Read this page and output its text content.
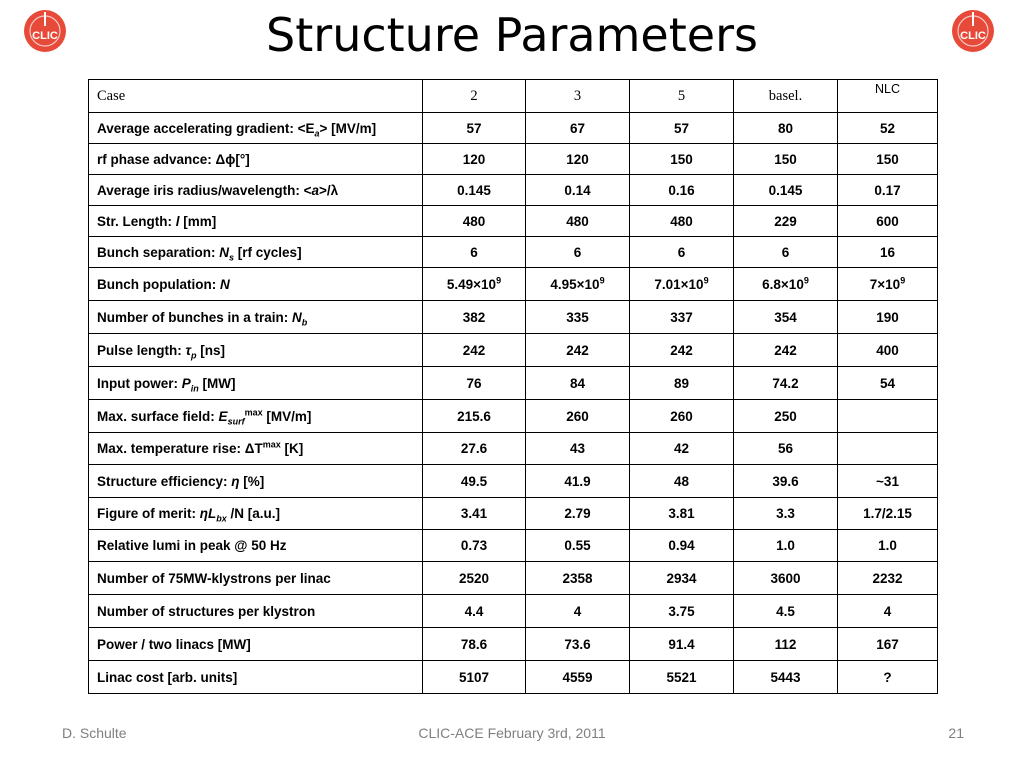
CLIC	CLIC
Structure Parameters
Case	2	3	5	basel.	NLC
Average accelerating gradient: $<E_a> [MV/m]$	57	67	57	80	52
rf phase advance: Δϕ[°]	120	120	150	150	150
Average iris radius/wavelength: <a>/λ	0.145	0.14	0.16	0.145	0.17
Str. Length: l [mm]	480	480	480	229	600
Bunch separation: $N_s$ [rf cycles]	6	6	6	6	16
Bunch population: N	$5.49\times 10^9$	$4.95\times 10^9$	$7.01\times 10^9$	$6.8\times 10^9$	$7\times 10^9$
Number of bunches in a train: $N_b$	382	335	337	354	190
Pulse length: $\tau_p$ [ns]	242	242	242	242	400
Input power: $P_{in}$ [MW]	76	84	89	74.2	54
Max. surface field: $E_{surf}^{max}$ [MV/m]	215.6	260	260	250	
Max. temperature rise: $\Delta T^{max}$ [K]	27.6	43	42	56	
Structure efficiency: η [%]	49.5	41.9	48	39.6	~31
Figure of merit: $\eta L_{bx}$ /N [a.u.]	3.41	2.79	3.81	3.3	1.7/2.15
Relative lumi in peak @ 50 Hz	0.73	0.55	0.94	1.0	1.0
Number of 75MW-klystrons per linac	2520	2358	2934	3600	2232
Number of structures per klystron	4.4	4	3.75	4.5	4
Power / two linacs [MW]	78.6	73.6	91.4	112	167
Linac cost [arb. units]	5107	4559	5521	5443	?
D. Schulte	CLIC-ACE February 3rd, 2011	21
